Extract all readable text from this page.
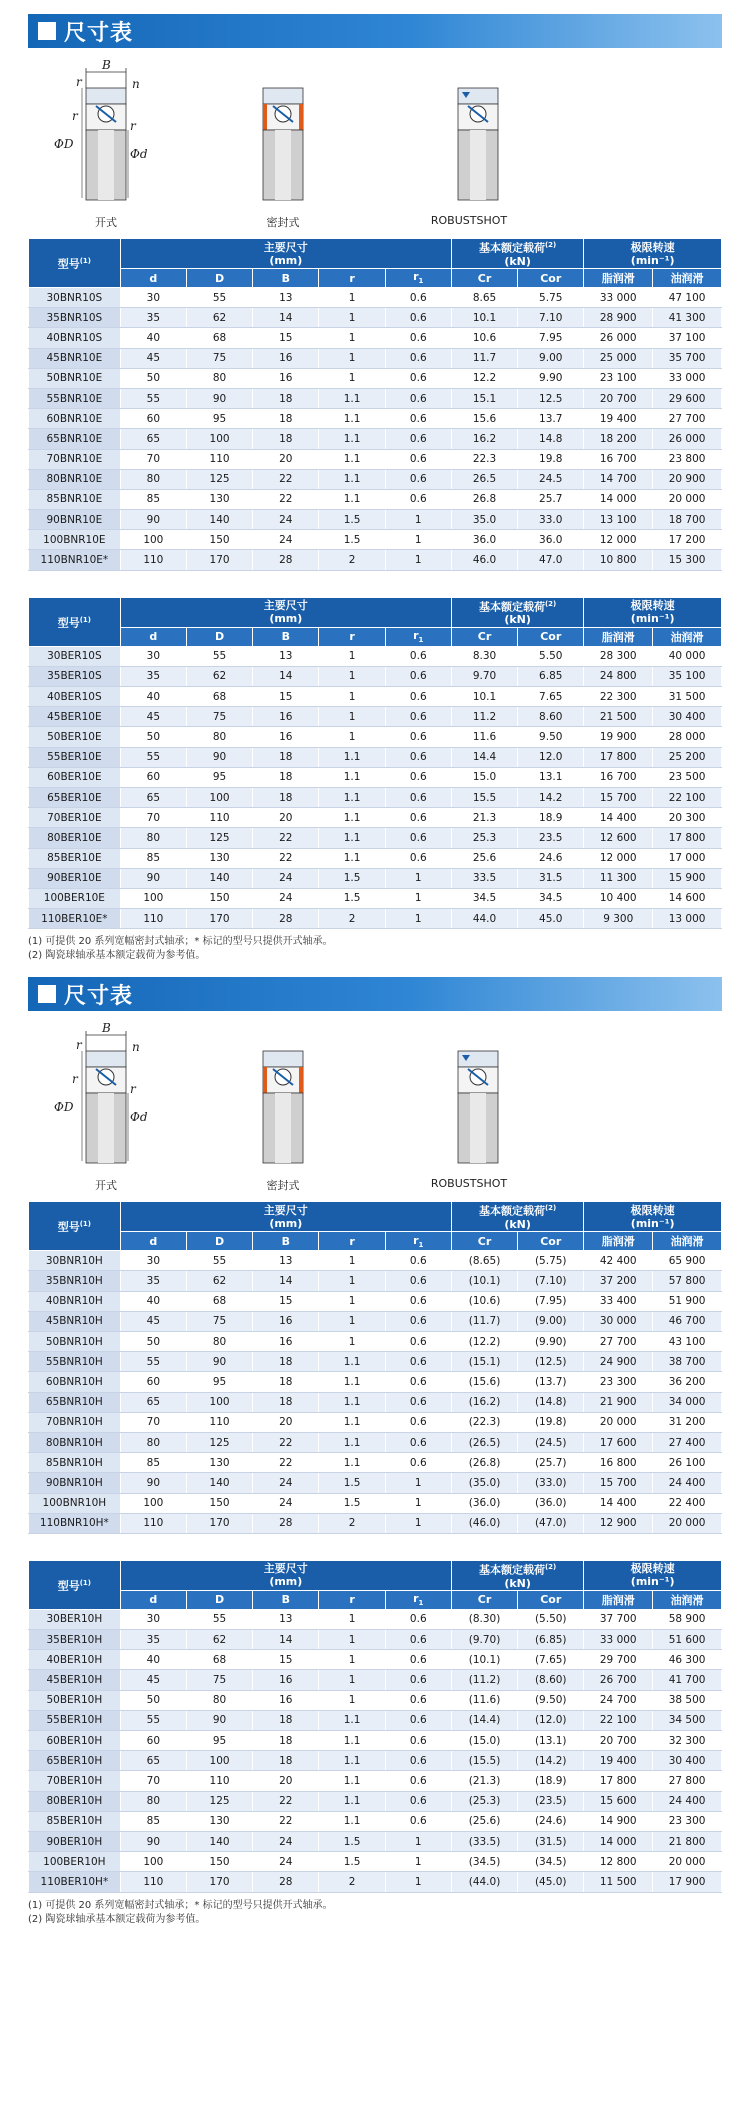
尺寸表
B
r	n
r
ΦD
Φd
r
开式	密封式	ROBUSTSHOT
型号$^{(1)}$	主要尺寸
(mm)					基本额定载荷$^{(2)}$
(kN)		极限转速
(min⁻¹)	
	d	D	B	r	$r_1$	Cr	Cor	脂润滑	油润滑
30BNR10S	30	55	13	1	0.6	8.65	5.75	33 000	47 100
35BNR10S	35	62	14	1	0.6	10.1	7.10	28 900	41 300
40BNR10S	40	68	15	1	0.6	10.6	7.95	26 000	37 100
45BNR10E	45	75	16	1	0.6	11.7	9.00	25 000	35 700
50BNR10E	50	80	16	1	0.6	12.2	9.90	23 100	33 000
55BNR10E	55	90	18	1.1	0.6	15.1	12.5	20 700	29 600
60BNR10E	60	95	18	1.1	0.6	15.6	13.7	19 400	27 700
65BNR10E	65	100	18	1.1	0.6	16.2	14.8	18 200	26 000
70BNR10E	70	110	20	1.1	0.6	22.3	19.8	16 700	23 800
80BNR10E	80	125	22	1.1	0.6	26.5	24.5	14 700	20 900
85BNR10E	85	130	22	1.1	0.6	26.8	25.7	14 000	20 000
90BNR10E	90	140	24	1.5	1	35.0	33.0	13 100	18 700
100BNR10E	100	150	24	1.5	1	36.0	36.0	12 000	17 200
110BNR10E*	110	170	28	2	1	46.0	47.0	10 800	15 300
型号$^{(1)}$	主要尺寸
(mm)					基本额定载荷$^{(2)}$
(kN)		极限转速
(min⁻¹)	
	d	D	B	r	$r_1$	Cr	Cor	脂润滑	油润滑
30BER10S	30	55	13	1	0.6	8.30	5.50	28 300	40 000
35BER10S	35	62	14	1	0.6	9.70	6.85	24 800	35 100
40BER10S	40	68	15	1	0.6	10.1	7.65	22 300	31 500
45BER10E	45	75	16	1	0.6	11.2	8.60	21 500	30 400
50BER10E	50	80	16	1	0.6	11.6	9.50	19 900	28 000
55BER10E	55	90	18	1.1	0.6	14.4	12.0	17 800	25 200
60BER10E	60	95	18	1.1	0.6	15.0	13.1	16 700	23 500
65BER10E	65	100	18	1.1	0.6	15.5	14.2	15 700	22 100
70BER10E	70	110	20	1.1	0.6	21.3	18.9	14 400	20 300
80BER10E	80	125	22	1.1	0.6	25.3	23.5	12 600	17 800
85BER10E	85	130	22	1.1	0.6	25.6	24.6	12 000	17 000
90BER10E	90	140	24	1.5	1	33.5	31.5	11 300	15 900
100BER10E	100	150	24	1.5	1	34.5	34.5	10 400	14 600
110BER10E*	110	170	28	2	1	44.0	45.0	9 300	13 000
(1) 可提供 20 系列宽幅密封式轴承；* 标记的型号只提供开式轴承。
(2) 陶瓷球轴承基本额定载荷为参考值。
尺寸表
B
r	n
r
ΦD
Φd
r
开式	密封式	ROBUSTSHOT
型号$^{(1)}$	主要尺寸
(mm)					基本额定载荷$^{(2)}$
(kN)		极限转速
(min⁻¹)	
	d	D	B	r	$r_1$	Cr	Cor	脂润滑	油润滑
30BNR10H	30	55	13	1	0.6	(8.65)	(5.75)	42 400	65 900
35BNR10H	35	62	14	1	0.6	(10.1)	(7.10)	37 200	57 800
40BNR10H	40	68	15	1	0.6	(10.6)	(7.95)	33 400	51 900
45BNR10H	45	75	16	1	0.6	(11.7)	(9.00)	30 000	46 700
50BNR10H	50	80	16	1	0.6	(12.2)	(9.90)	27 700	43 100
55BNR10H	55	90	18	1.1	0.6	(15.1)	(12.5)	24 900	38 700
60BNR10H	60	95	18	1.1	0.6	(15.6)	(13.7)	23 300	36 200
65BNR10H	65	100	18	1.1	0.6	(16.2)	(14.8)	21 900	34 000
70BNR10H	70	110	20	1.1	0.6	(22.3)	(19.8)	20 000	31 200
80BNR10H	80	125	22	1.1	0.6	(26.5)	(24.5)	17 600	27 400
85BNR10H	85	130	22	1.1	0.6	(26.8)	(25.7)	16 800	26 100
90BNR10H	90	140	24	1.5	1	(35.0)	(33.0)	15 700	24 400
100BNR10H	100	150	24	1.5	1	(36.0)	(36.0)	14 400	22 400
110BNR10H*	110	170	28	2	1	(46.0)	(47.0)	12 900	20 000
型号$^{(1)}$	主要尺寸
(mm)					基本额定载荷$^{(2)}$
(kN)		极限转速
(min⁻¹)	
	d	D	B	r	$r_1$	Cr	Cor	脂润滑	油润滑
30BER10H	30	55	13	1	0.6	(8.30)	(5.50)	37 700	58 900
35BER10H	35	62	14	1	0.6	(9.70)	(6.85)	33 000	51 600
40BER10H	40	68	15	1	0.6	(10.1)	(7.65)	29 700	46 300
45BER10H	45	75	16	1	0.6	(11.2)	(8.60)	26 700	41 700
50BER10H	50	80	16	1	0.6	(11.6)	(9.50)	24 700	38 500
55BER10H	55	90	18	1.1	0.6	(14.4)	(12.0)	22 100	34 500
60BER10H	60	95	18	1.1	0.6	(15.0)	(13.1)	20 700	32 300
65BER10H	65	100	18	1.1	0.6	(15.5)	(14.2)	19 400	30 400
70BER10H	70	110	20	1.1	0.6	(21.3)	(18.9)	17 800	27 800
80BER10H	80	125	22	1.1	0.6	(25.3)	(23.5)	15 600	24 400
85BER10H	85	130	22	1.1	0.6	(25.6)	(24.6)	14 900	23 300
90BER10H	90	140	24	1.5	1	(33.5)	(31.5)	14 000	21 800
100BER10H	100	150	24	1.5	1	(34.5)	(34.5)	12 800	20 000
110BER10H*	110	170	28	2	1	(44.0)	(45.0)	11 500	17 900
(1) 可提供 20 系列宽幅密封式轴承；* 标记的型号只提供开式轴承。
(2) 陶瓷球轴承基本额定载荷为参考值。
